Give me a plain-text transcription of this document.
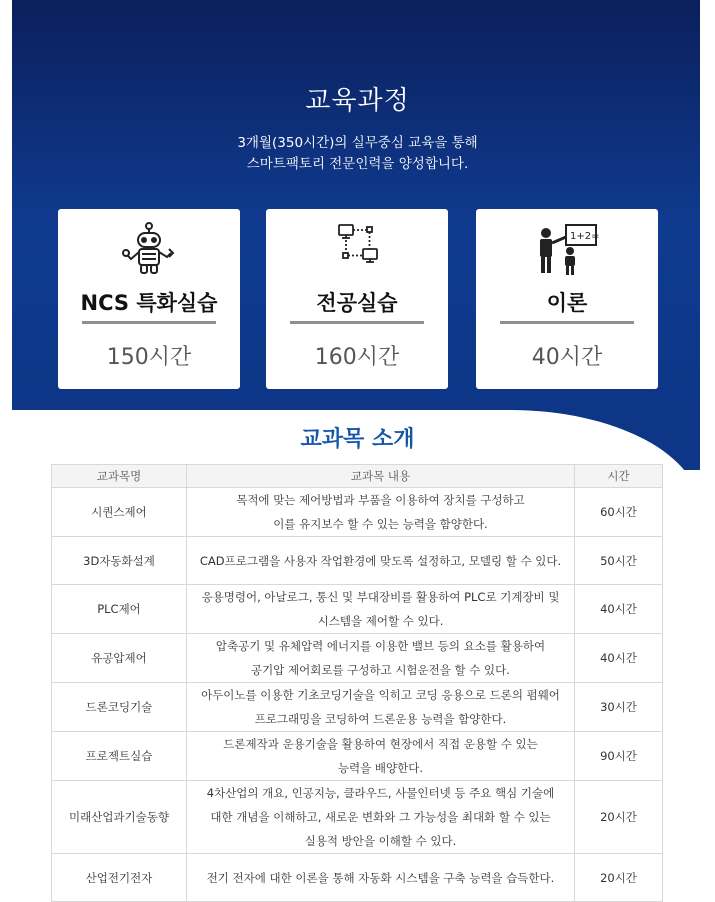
교육과정
3개월(350시간)의 실무중심 교육을 통해
스마트팩토리 전문인력을 양성합니다.
NCS 특화실습
150시간
전공실습
160시간
1+2=
이론
40시간
교과목 소개
교과목명	교과목 내용	시간
시퀀스제어	목적에 맞는 제어방법과 부품을 이용하여 장치를 구성하고
이를 유지보수 할 수 있는 능력을 함양한다.	60시간
3D자동화설계	CAD프로그램을 사용자 작업환경에 맞도록 설정하고, 모델링 할 수 있다.	50시간
PLC제어	응용명령어, 아날로그, 통신 및 부대장비를 활용하여 PLC로 기계장비 및
시스템을 제어할 수 있다.	40시간
유공압제어	압축공기 및 유체압력 에너지를 이용한 밸브 등의 요소를 활용하여
공기압 제어회로를 구성하고 시험운전을 할 수 있다.	40시간
드론코딩기술	아두이노를 이용한 기초코딩기술을 익히고 코딩 응용으로 드론의 펌웨어
프로그래밍을 코딩하여 드론운용 능력을 함양한다.	30시간
프로젝트실습	드론제작과 운용기술을 활용하여 현장에서 직접 운용할 수 있는
능력을 배양한다.	90시간
미래산업과기술동향	4차산업의 개요, 인공지능, 클라우드, 사물인터넷 등 주요 핵심 기술에
대한 개념을 이해하고, 새로운 변화와 그 가능성을 최대화 할 수 있는
실용적 방안을 이해할 수 있다.	20시간
산업전기전자	전기 전자에 대한 이론을 통해 자동화 시스템을 구축 능력을 습득한다.	20시간
